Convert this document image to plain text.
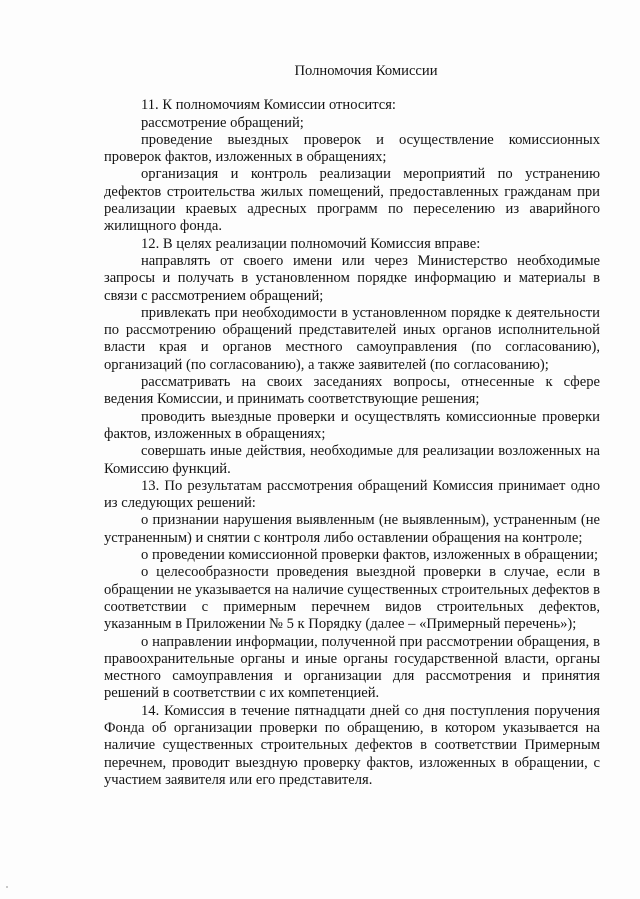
Полномочия Комиссии

11. К полномочиям Комиссии относится:

рассмотрение обращений;

проведение выездных проверок и осуществление комиссионных проверок фактов, изложенных в обращениях;

организация и контроль реализации мероприятий по устранению дефектов строительства жилых помещений, предоставленных гражданам при реализации краевых адресных программ по переселению из аварийного жилищного фонда.

12. В целях реализации полномочий Комиссия вправе:

направлять от своего имени или через Министерство необходимые запросы и получать в установленном порядке информацию и материалы в связи с рассмотрением обращений;

привлекать при необходимости в установленном порядке к деятельности по рассмотрению обращений представителей иных органов исполнительной власти края и органов местного самоуправления (по согласованию), организаций (по согласованию), а также заявителей (по согласованию);

рассматривать на своих заседаниях вопросы, отнесенные к сфере ведения Комиссии, и принимать соответствующие решения;

проводить выездные проверки и осуществлять комиссионные проверки фактов, изложенных в обращениях;

совершать иные действия, необходимые для реализации возложенных на Комиссию функций.

13. По результатам рассмотрения обращений Комиссия принимает одно из следующих решений:

о признании нарушения выявленным (не выявленным), устраненным (не устраненным) и снятии с контроля либо оставлении обращения на контроле;

о проведении комиссионной проверки фактов, изложенных в обращении;

о целесообразности проведения выездной проверки в случае, если в обращении не указывается на наличие существенных строительных дефектов в соответствии с примерным перечнем видов строительных дефектов, указанным в Приложении № 5 к Порядку (далее – «Примерный перечень»);

о направлении информации, полученной при рассмотрении обращения, в правоохранительные органы и иные органы государственной власти, органы местного самоуправления и организации для рассмотрения и принятия решений в соответствии с их компетенцией.

14. Комиссия в течение пятнадцати дней со дня поступления поручения Фонда об организации проверки по обращению, в котором указывается на наличие существенных строительных дефектов в соответствии Примерным перечнем, проводит выездную проверку фактов, изложенных в обращении, с участием заявителя или его представителя.
